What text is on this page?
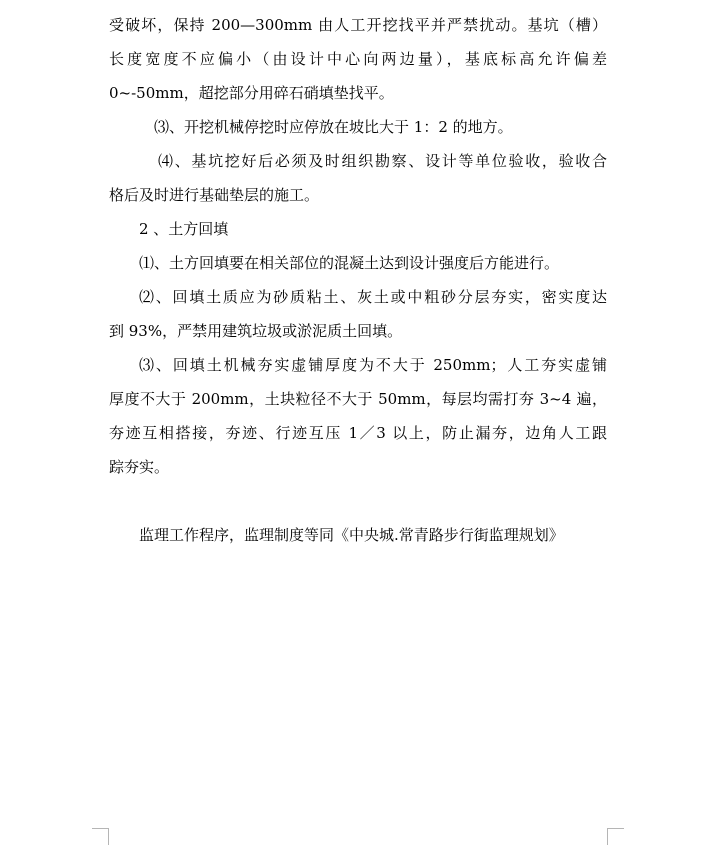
受破坏，保持 200—300mm 由人工开挖找平并严禁扰动。基坑（槽）
长度宽度不应偏小（由设计中心向两边量），基底标高允许偏差
0~-50mm，超挖部分用碎石硝填垫找平。
⑶、开挖机械停挖时应停放在坡比大于 1：2 的地方。
⑷、基坑挖好后必须及时组织勘察、设计等单位验收，验收合
格后及时进行基础垫层的施工。
2 、土方回填
⑴、土方回填要在相关部位的混凝土达到设计强度后方能进行。
⑵、回填土质应为砂质粘土、灰土或中粗砂分层夯实，密实度达
到 93%，严禁用建筑垃圾或淤泥质土回填。
⑶、回填土机械夯实虚铺厚度为不大于 250mm；人工夯实虚铺
厚度不大于 200mm，土块粒径不大于 50mm，每层均需打夯 3~4 遍，
夯迹互相搭接，夯迹、行迹互压 1／3 以上，防止漏夯，边角人工跟
踪夯实。
监理工作程序，监理制度等同《中央城.常青路步行街监理规划》
